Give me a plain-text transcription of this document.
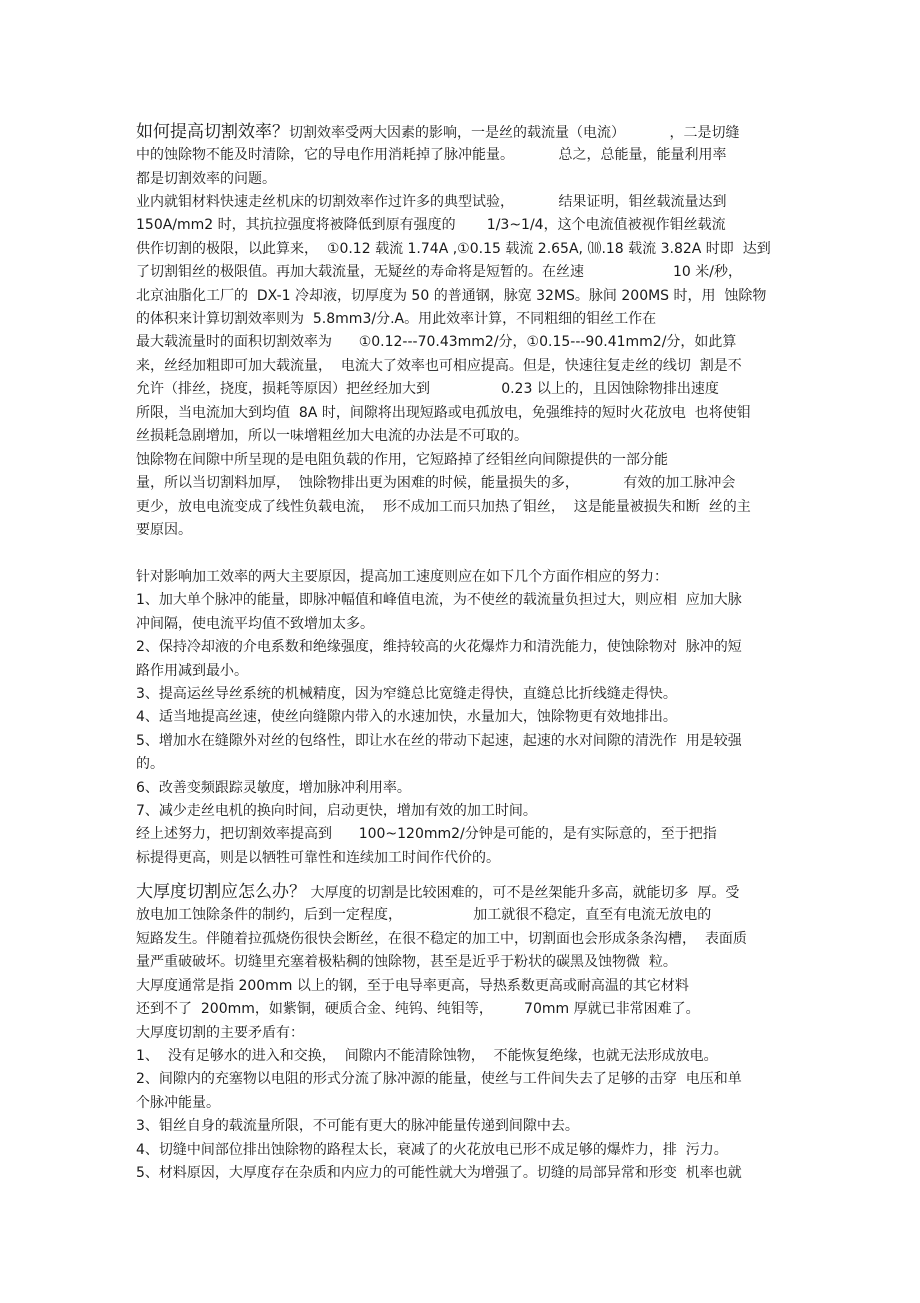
如何提高切割效率？切割效率受两大因素的影响，一是丝的载流量（电流）          ，二是切缝
中的蚀除物不能及时清除，它的导电作用消耗掉了脉冲能量。          总之，总能量，能量利用率
都是切割效率的问题。
业内就钼材料快速走丝机床的切割效率作过许多的典型试验，          结果证明，钼丝载流量达到
150A/mm2 时，其抗拉强度将被降低到原有强度的       1/3~1/4，这个电流值被视作钼丝载流
供作切割的极限，以此算来，  ①0.12 载流 1.74A ,①0.15 载流 2.65A, ⑽.18 载流 3.82A 时即  达到
了切割钼丝的极限值。再加大载流量，无疑丝的寿命将是短暂的。在丝速                    10 米/秒，
北京油脂化工厂的  DX-1 冷却液，切厚度为 50 的普通钢，脉宽 32MS。脉间 200MS 时，用  蚀除物
的体积来计算切割效率则为  5.8mm3/分.A。用此效率计算，不同粗细的钼丝工作在
最大载流量时的面积切割效率为      ①0.12---70.43mm2/分，①0.15---90.41mm2/分，如此算
来，丝经加粗即可加大载流量，  电流大了效率也可相应提高。但是，快速往复走丝的线切  割是不
允许（排丝，挠度，损耗等原因）把丝经加大到                0.23 以上的，且因蚀除物排出速度
所限，当电流加大到均值  8A 时，间隙将出现短路或电孤放电，免强维持的短时火花放电  也将使钼
丝损耗急剧增加，所以一味增粗丝加大电流的办法是不可取的。
蚀除物在间隙中所呈现的是电阻负载的作用，它短路掉了经钼丝向间隙提供的一部分能
量，所以当切割料加厚，  蚀除物排出更为困难的时候，能量损失的多，          有效的加工脉冲会
更少，放电电流变成了线性负载电流，  形不成加工而只加热了钼丝，  这是能量被损失和断  丝的主
要原因。
针对影响加工效率的两大主要原因，提高加工速度则应在如下几个方面作相应的努力：
1、加大单个脉冲的能量，即脉冲幅值和峰值电流，为不使丝的载流量负担过大，则应相  应加大脉
冲间隔，使电流平均值不致增加太多。
2、保持冷却液的介电系数和绝缘强度，维持较高的火花爆炸力和清洗能力，使蚀除物对  脉冲的短
路作用减到最小。
3、提高运丝导丝系统的机械精度，因为窄缝总比宽缝走得快，直缝总比折线缝走得快。
4、适当地提高丝速，使丝向缝隙内带入的水速加快，水量加大，蚀除物更有效地排出。
5、增加水在缝隙外对丝的包络性，即让水在丝的带动下起速，起速的水对间隙的清洗作  用是较强
的。
6、改善变频跟踪灵敏度，增加脉冲利用率。
7、减少走丝电机的换向时间，启动更快，增加有效的加工时间。
经上述努力，把切割效率提高到      100~120mm2/分钟是可能的，是有实际意的，至于把指
标提得更高，则是以牺牲可靠性和连续加工时间作代价的。
大厚度切割应怎么办？ 大厚度的切割是比较困难的，可不是丝架能升多高，就能切多  厚。受
放电加工蚀除条件的制约，后到一定程度，                加工就很不稳定，直至有电流无放电的
短路发生。伴随着拉孤烧伤很快会断丝，在很不稳定的加工中，切割面也会形成条条沟槽，  表面质
量严重破破坏。切缝里充塞着极粘稠的蚀除物，甚至是近乎于粉状的碳黑及蚀物微  粒。
大厚度通常是指 200mm 以上的钢，至于电导率更高，导热系数更高或耐高温的其它材料
还到不了  200mm，如紫铜，硬质合金、纯钨、纯钼等，       70mm 厚就已非常困难了。
大厚度切割的主要矛盾有：
1、  没有足够水的进入和交换，  间隙内不能清除蚀物，  不能恢复绝缘，也就无法形成放电。
2、间隙内的充塞物以电阻的形式分流了脉冲源的能量，使丝与工件间失去了足够的击穿  电压和单
个脉冲能量。
3、钼丝自身的载流量所限，不可能有更大的脉冲能量传递到间隙中去。
4、切缝中间部位排出蚀除物的路程太长，衰减了的火花放电已形不成足够的爆炸力，排  污力。
5、材料原因，大厚度存在杂质和内应力的可能性就大为增强了。切缝的局部异常和形变  机率也就
